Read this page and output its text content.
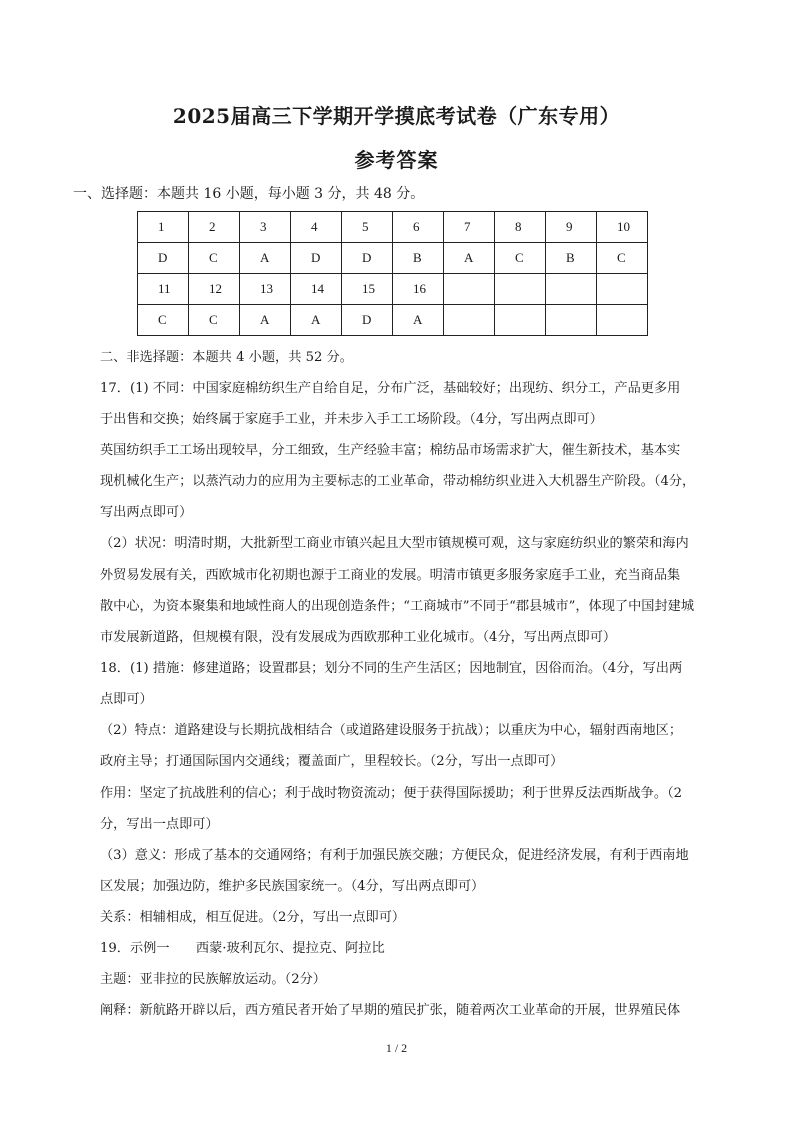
2025届高三下学期开学摸底考试卷（广东专用）
参考答案
一、选择题：本题共 16 小题，每小题 3 分，共 48 分。
1	2	3	4	5	6	7	8	9	10
D	C	A	D	D	B	A	C	B	C
11	12	13	14	15	16				
C	C	A	A	D	A				
二、非选择题：本题共 4 小题，共 52 分。
17．(1) 不同：中国家庭棉纺织生产自给自足，分布广泛，基础较好；出现纺、织分工，产品更多用
于出售和交换；始终属于家庭手工业，并未步入手工工场阶段。（4分，写出两点即可）
英国纺织手工工场出现较早，分工细致，生产经验丰富；棉纺品市场需求扩大，催生新技术，基本实
现机械化生产；以蒸汽动力的应用为主要标志的工业革命，带动棉纺织业进入大机器生产阶段。（4分，
写出两点即可）
（2）状况：明清时期，大批新型工商业市镇兴起且大型市镇规模可观，这与家庭纺织业的繁荣和海内
外贸易发展有关，西欧城市化初期也源于工商业的发展。明清市镇更多服务家庭手工业，充当商品集
散中心，为资本聚集和地域性商人的出现创造条件；“工商城市”不同于“郡县城市”，体现了中国封建城
市发展新道路，但规模有限，没有发展成为西欧那种工业化城市。（4分，写出两点即可）
18．(1) 措施：修建道路；设置郡县；划分不同的生产生活区；因地制宜，因俗而治。（4分，写出两
点即可）
（2）特点：道路建设与长期抗战相结合（或道路建设服务于抗战）；以重庆为中心，辐射西南地区；
政府主导；打通国际国内交通线；覆盖面广，里程较长。（2分，写出一点即可）
作用：坚定了抗战胜利的信心；利于战时物资流动；便于获得国际援助；利于世界反法西斯战争。（2
分，写出一点即可）
（3）意义：形成了基本的交通网络；有利于加强民族交融；方便民众，促进经济发展，有利于西南地
区发展；加强边防，维护多民族国家统一。（4分，写出两点即可）
关系：相辅相成，相互促进。（2分，写出一点即可）
19．示例一　　西蒙·玻利瓦尔、提拉克、阿拉比
主题：亚非拉的民族解放运动。（2分）
阐释：新航路开辟以后，西方殖民者开始了早期的殖民扩张，随着两次工业革命的开展，世界殖民体
1 / 2
